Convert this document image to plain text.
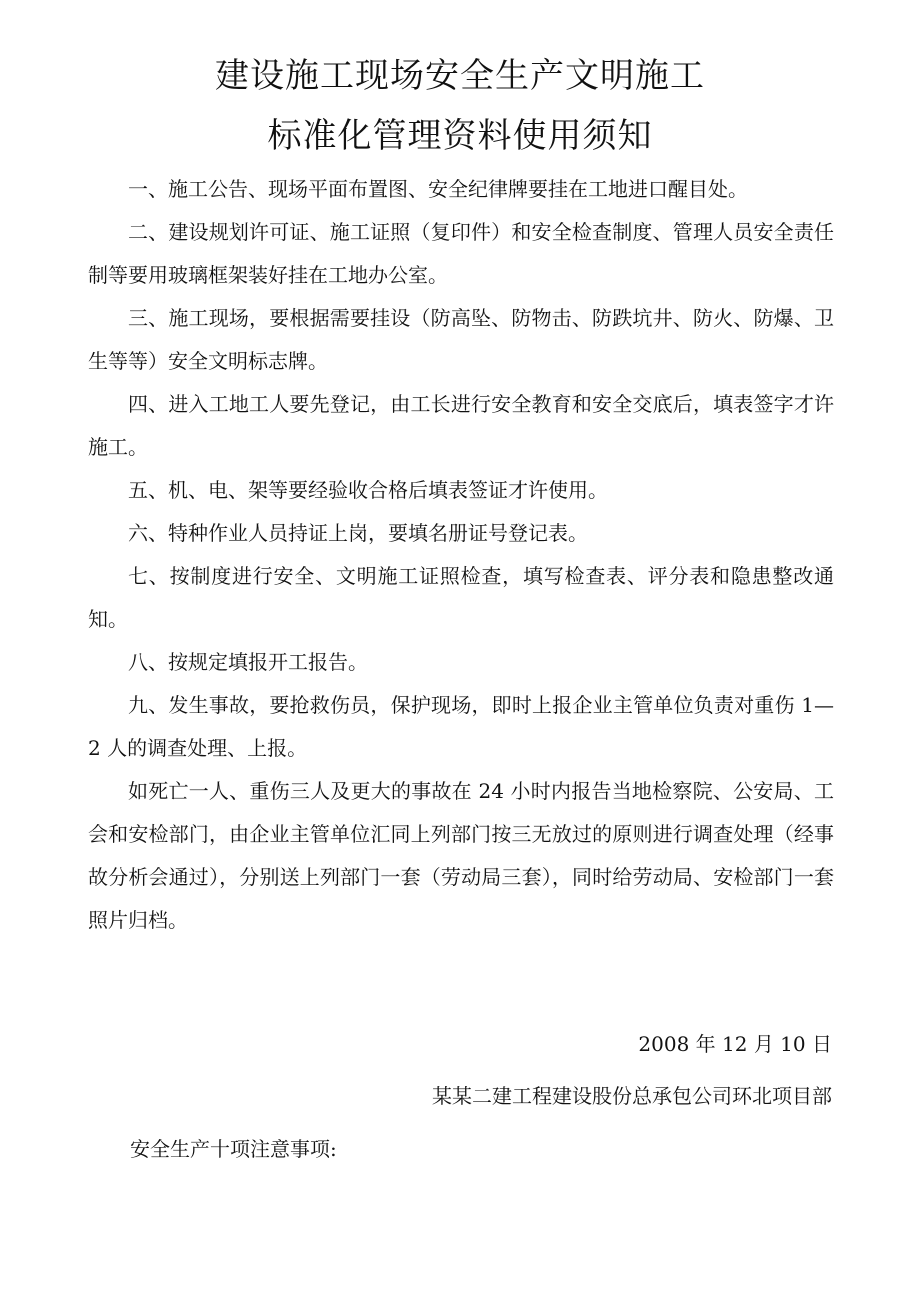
建设施工现场安全生产文明施工
标准化管理资料使用须知

一、施工公告、现场平面布置图、安全纪律牌要挂在工地进口醒目处。

二、建设规划许可证、施工证照（复印件）和安全检查制度、管理人员安全责任制等要用玻璃框架装好挂在工地办公室。

三、施工现场，要根据需要挂设（防高坠、防物击、防跌坑井、防火、防爆、卫生等等）安全文明标志牌。

四、进入工地工人要先登记，由工长进行安全教育和安全交底后，填表签字才许施工。

五、机、电、架等要经验收合格后填表签证才许使用。

六、特种作业人员持证上岗，要填名册证号登记表。

七、按制度进行安全、文明施工证照检查，填写检查表、评分表和隐患整改通知。

八、按规定填报开工报告。

九、发生事故，要抢救伤员，保护现场，即时上报企业主管单位负责对重伤 1—2 人的调查处理、上报。

如死亡一人、重伤三人及更大的事故在 24 小时内报告当地检察院、公安局、工会和安检部门，由企业主管单位汇同上列部门按三无放过的原则进行调查处理（经事故分析会通过），分别送上列部门一套（劳动局三套），同时给劳动局、安检部门一套照片归档。

2008 年 12 月 10 日
某某二建工程建设股份总承包公司环北项目部
安全生产十项注意事项:
